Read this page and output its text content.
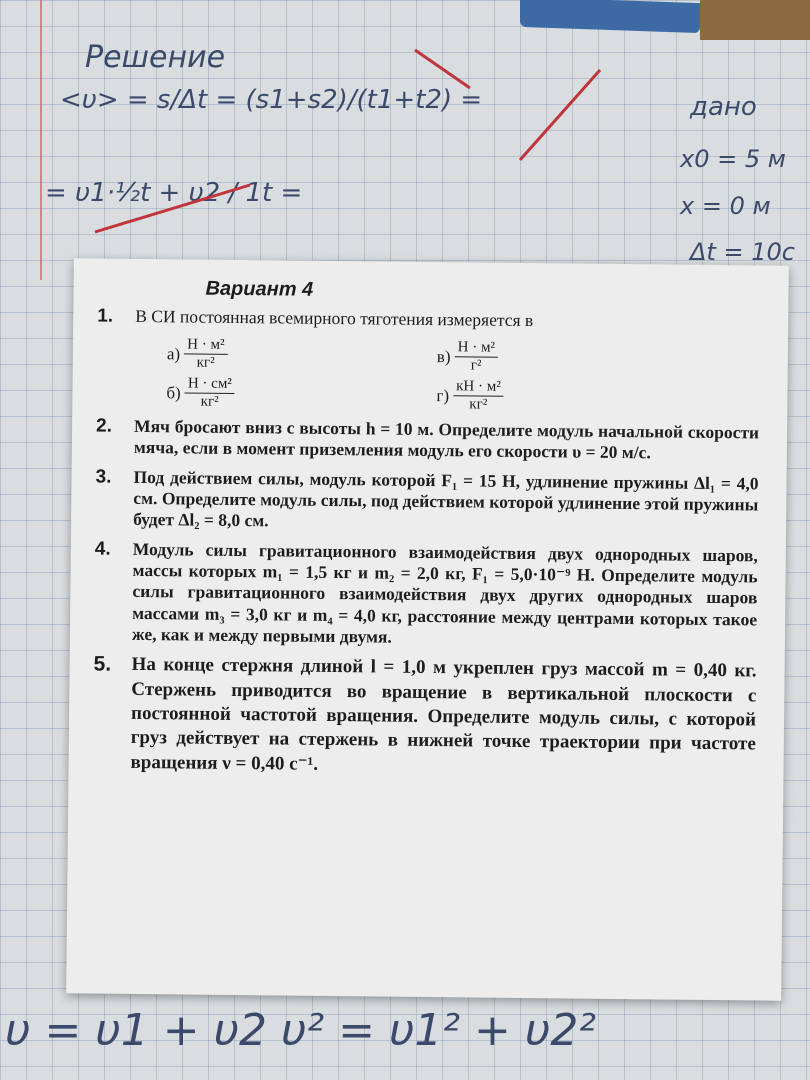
Решение
<υ> = s/Δt = (s1+s2)/(t1+t2) =
= υ1·½t + υ2 / 1t =
дано
x0 = 5 м
x = 0 м
Δt = 10с
Вариант 4
1.	В СИ постоянная всемирного тяготения измеряется в
$а) \frac{\text{Н · м²}}{\text{кг²}}$	$в) \frac{\text{Н · м²}}{\text{г²}}$
$б) \frac{\text{Н · см²}}{\text{кг²}}$	$г) \frac{\text{кН · м²}}{\text{кг²}}$
2.	Мяч бросают вниз с высоты h = 10 м. Определите модуль начальной скорости мяча, если в момент приземления модуль его скорости υ = 20 м/с.
3.	Под действием силы, модуль которой F₁ = 15 Н, удлинение пружины Δl₁ = 4,0 см. Определите модуль силы, под действием которой удлинение этой пружины будет Δl₂ = 8,0 см.
4.	Модуль силы гравитационного взаимодействия двух однородных шаров, массы которых m₁ = 1,5 кг и m₂ = 2,0 кг, F₁ = 5,0·10⁻⁹ Н. Определите модуль силы гравитационного взаимодействия двух других однородных шаров массами m₃ = 3,0 кг и m₄ = 4,0 кг, расстояние между центрами которых такое же, как и между первыми двумя.
5.	На конце стержня длиной l = 1,0 м укреплен груз массой m = 0,40 кг. Стержень приводится во вращение в вертикальной плоскости с постоянной частотой вращения. Определите модуль силы, с которой груз действует на стержень в нижней точке траектории при частоте вращения ν = 0,40 с⁻¹.
υ = υ1 + υ2 υ² = υ1² + υ2²
